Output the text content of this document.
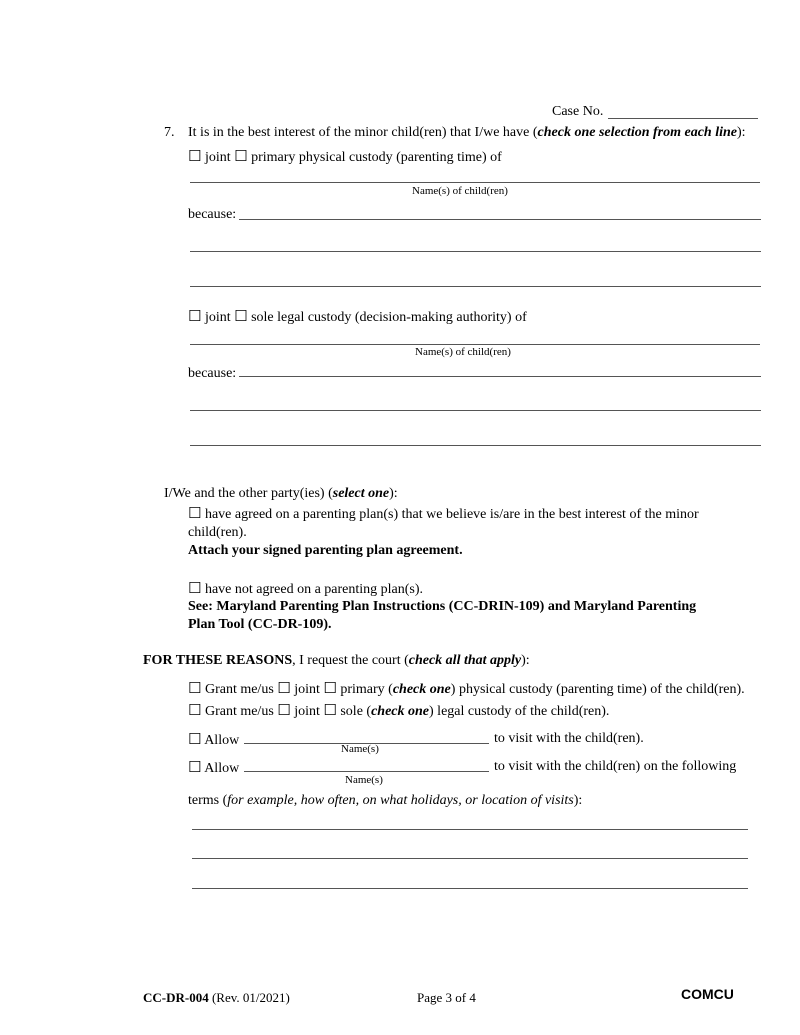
Case No.
7. It is in the best interest of the minor child(ren) that I/we have (check one selection from each line):
☐ joint ☐ primary physical custody (parenting time) of
Name(s) of child(ren)
because:
☐ joint ☐ sole legal custody (decision-making authority) of
Name(s) of child(ren)
because:
I/We and the other party(ies) (select one):
☐ have agreed on a parenting plan(s) that we believe is/are in the best interest of the minor
child(ren).
Attach your signed parenting plan agreement.
☐ have not agreed on a parenting plan(s).
See: Maryland Parenting Plan Instructions (CC-DRIN-109) and Maryland Parenting
Plan Tool (CC-DR-109).
FOR THESE REASONS, I request the court (check all that apply):
☐ Grant me/us ☐ joint ☐ primary (check one) physical custody (parenting time) of the child(ren).
☐ Grant me/us ☐ joint ☐ sole (check one) legal custody of the child(ren).
☐ Allow	to visit with the child(ren).
Name(s)
☐ Allow	to visit with the child(ren) on the following
Name(s)
terms (for example, how often, on what holidays, or location of visits):
CC-DR-004 (Rev. 01/2021)	Page 3 of 4	COMCU
